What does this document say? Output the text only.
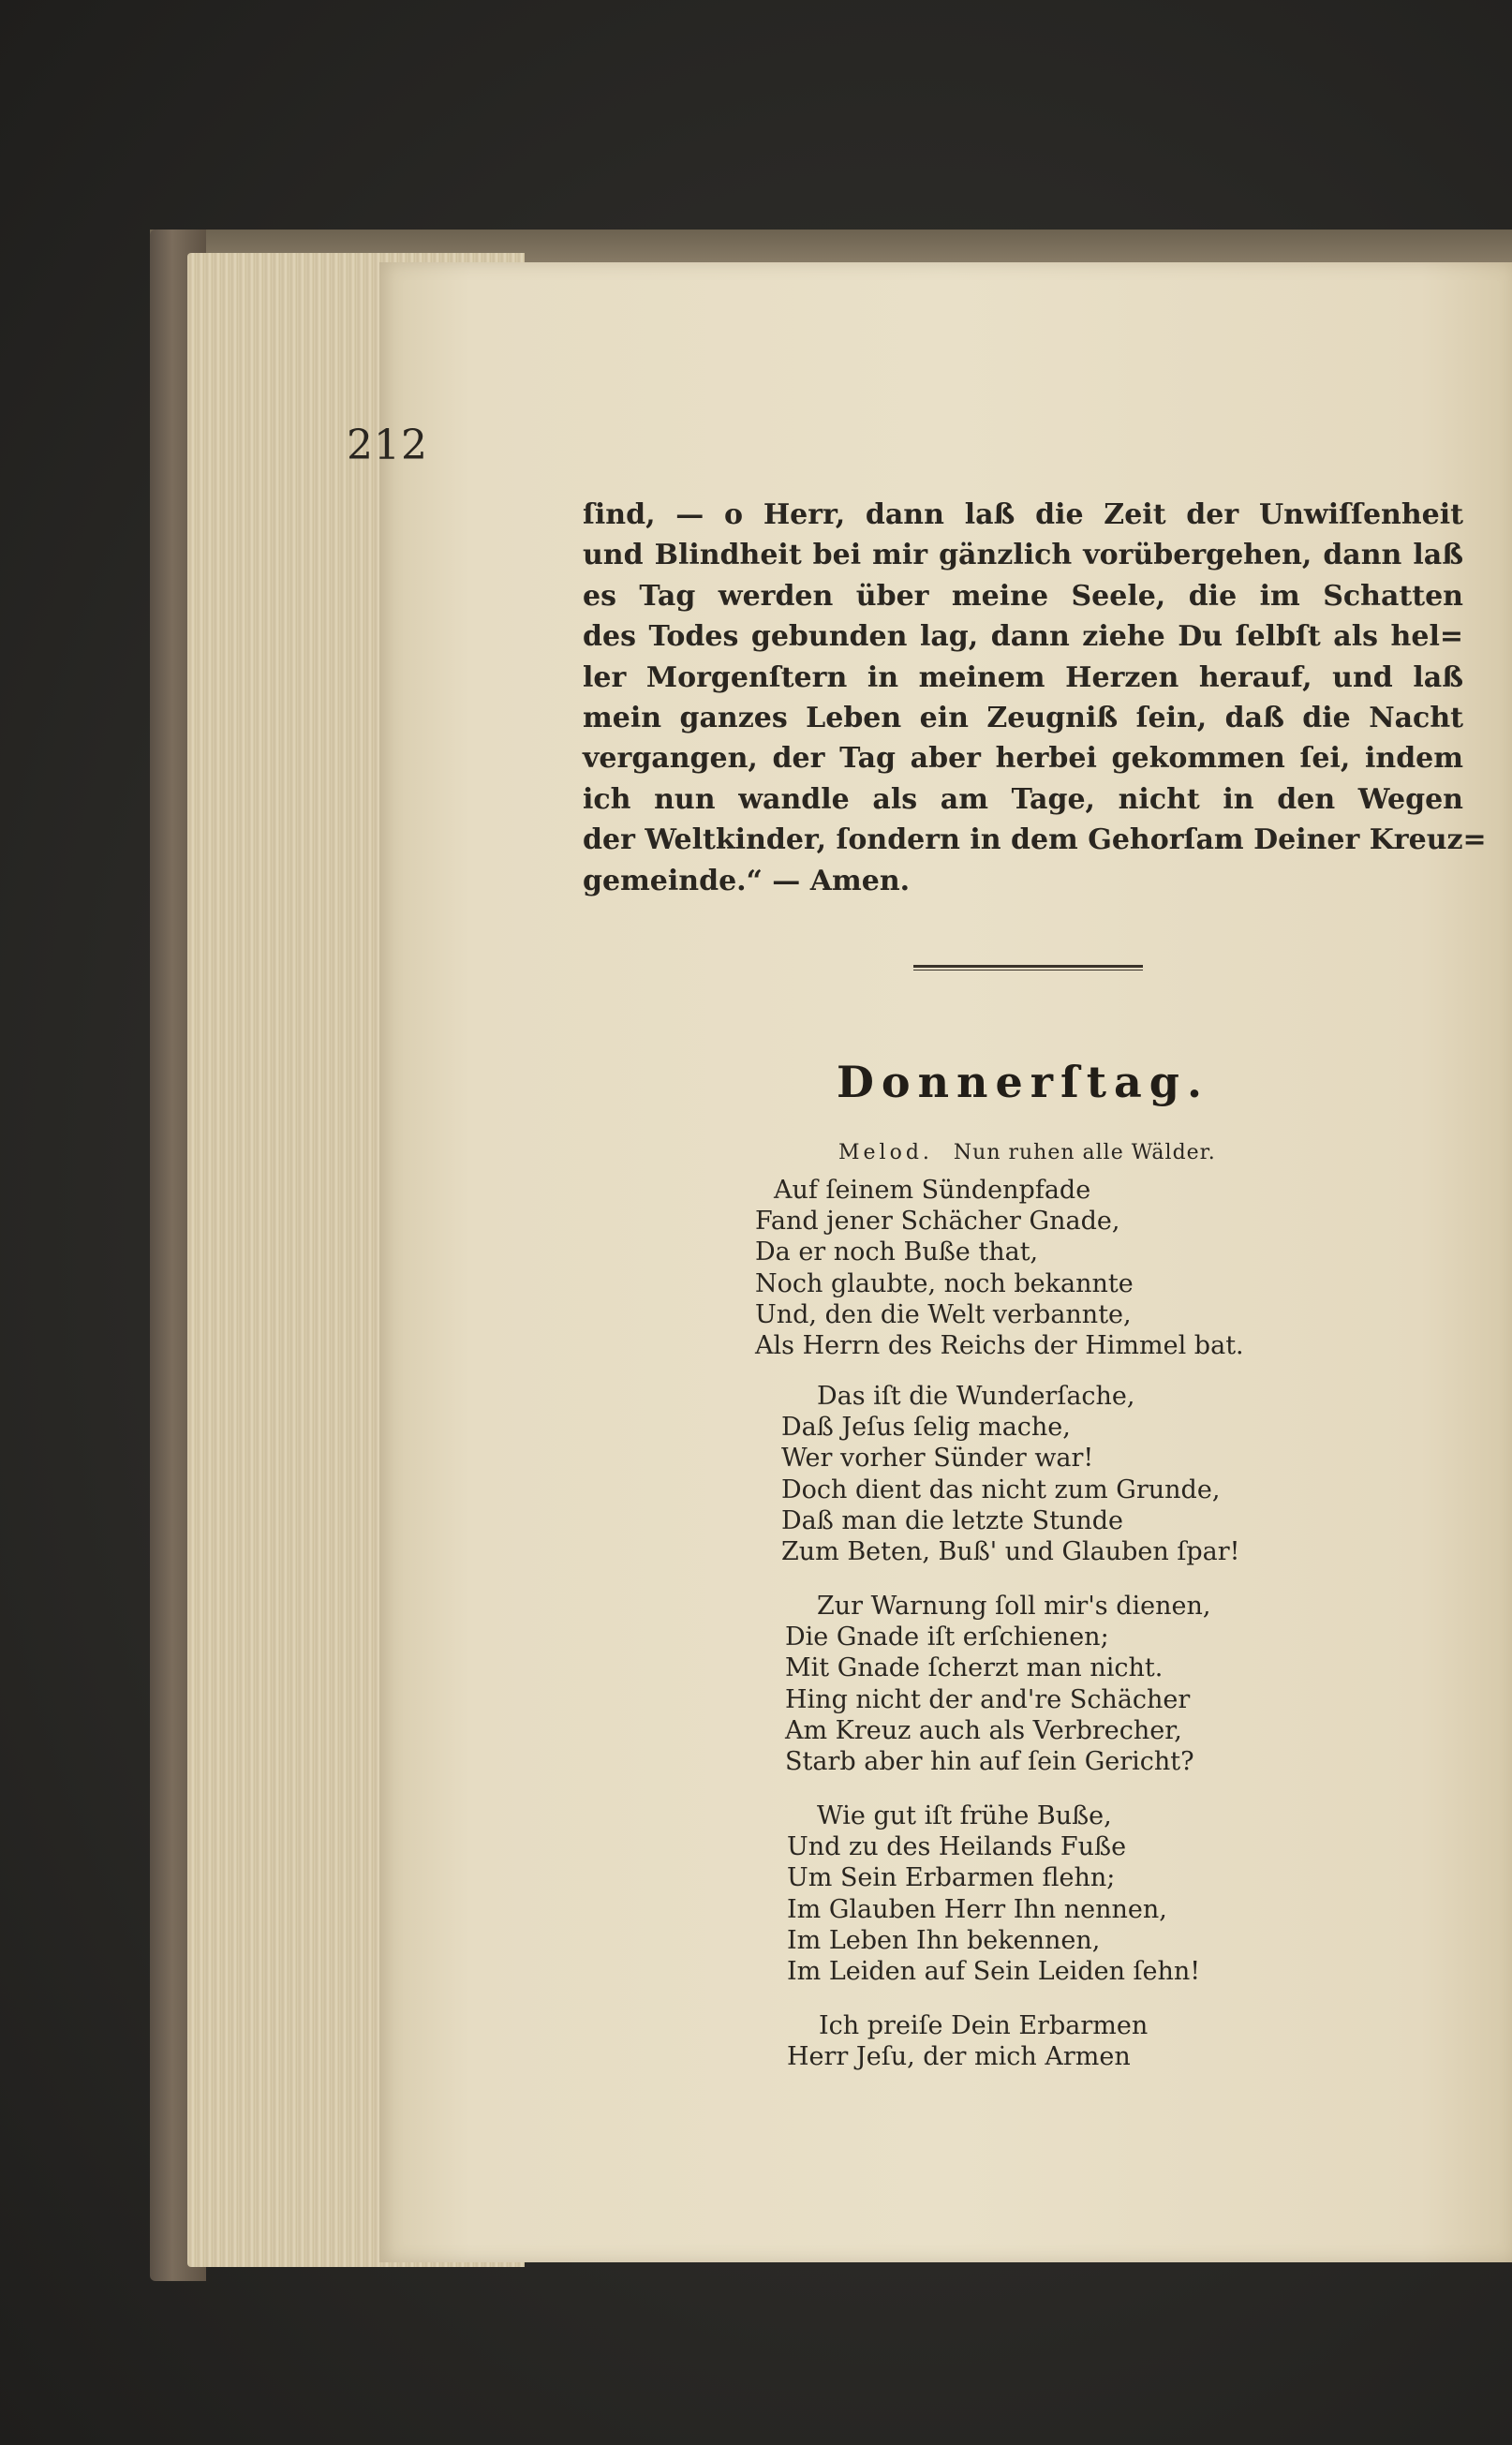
212
ſind, — o Herr, dann laß die Zeit der Unwiſſenheit
und Blindheit bei mir gänzlich vorübergehen, dann laß
es Tag werden über meine Seele, die im Schatten
des Todes gebunden lag, dann ziehe Du ſelbſt als hel=
ler Morgenſtern in meinem Herzen herauf, und laß
mein ganzes Leben ein Zeugniß ſein, daß die Nacht
vergangen, der Tag aber herbei gekommen ſei, indem
ich nun wandle als am Tage, nicht in den Wegen
der Weltkinder, ſondern in dem Gehorſam Deiner Kreuz=
gemeinde.“ — Amen.
Donnerſtag.
Melod. Nun ruhen alle Wälder.
Auf ſeinem Sündenpfade
Fand jener Schächer Gnade,
Da er noch Buße that,
Noch glaubte, noch bekannte
Und, den die Welt verbannte,
Als Herrn des Reichs der Himmel bat.
Das iſt die Wunderſache,
Daß Jeſus ſelig mache,
Wer vorher Sünder war!
Doch dient das nicht zum Grunde,
Daß man die letzte Stunde
Zum Beten, Buß' und Glauben ſpar!
Zur Warnung ſoll mir's dienen,
Die Gnade iſt erſchienen;
Mit Gnade ſcherzt man nicht.
Hing nicht der and're Schächer
Am Kreuz auch als Verbrecher,
Starb aber hin auf ſein Gericht?
Wie gut iſt frühe Buße,
Und zu des Heilands Fuße
Um Sein Erbarmen flehn;
Im Glauben Herr Ihn nennen,
Im Leben Ihn bekennen,
Im Leiden auf Sein Leiden ſehn!
Ich preiſe Dein Erbarmen
Herr Jeſu, der mich Armen
